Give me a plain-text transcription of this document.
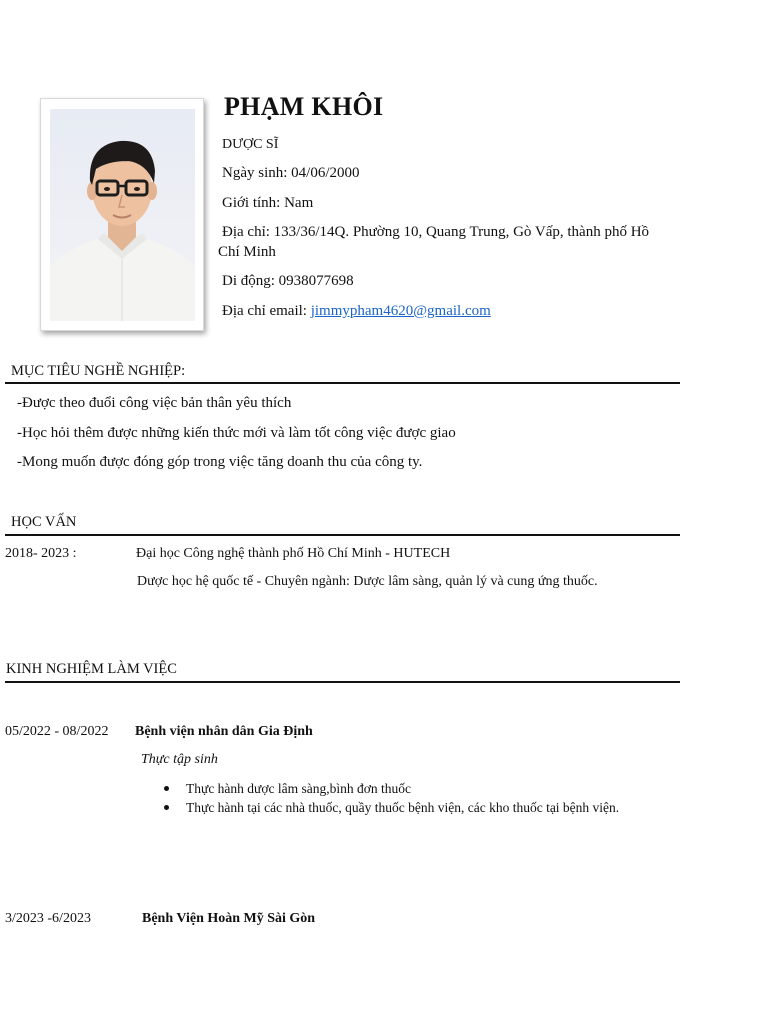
PHẠM KHÔI
DƯỢC SĨ
Ngày sinh: 04/06/2000
Giới tính: Nam
Địa chỉ: 133/36/14Q. Phường 10, Quang Trung, Gò Vấp, thành phố Hồ
Chí Minh
Di động: 0938077698
Địa chỉ email: jimmypham4620@gmail.com
MỤC TIÊU NGHỀ NGHIỆP:
-Được theo đuổi công việc bản thân yêu thích
-Học hỏi thêm được những kiến thức mới và làm tốt công việc được giao
-Mong muốn được đóng góp trong việc tăng doanh thu của công ty.
HỌC VẤN
2018- 2023 :	Đại học Công nghệ thành phố Hồ Chí Minh - HUTECH
Dược học hệ quốc tế - Chuyên ngành: Dược lâm sàng, quản lý và cung ứng thuốc.
KINH NGHIỆM LÀM VIỆC
05/2022 - 08/2022 Bệnh viện nhân dân Gia Định
Thực tập sinh
Thực hành dược lâm sàng,bình đơn thuốc
Thực hành tại các nhà thuốc, quầy thuốc bệnh viện, các kho thuốc tại bệnh viện.
3/2023 -6/2023	Bệnh Viện Hoàn Mỹ Sài Gòn
